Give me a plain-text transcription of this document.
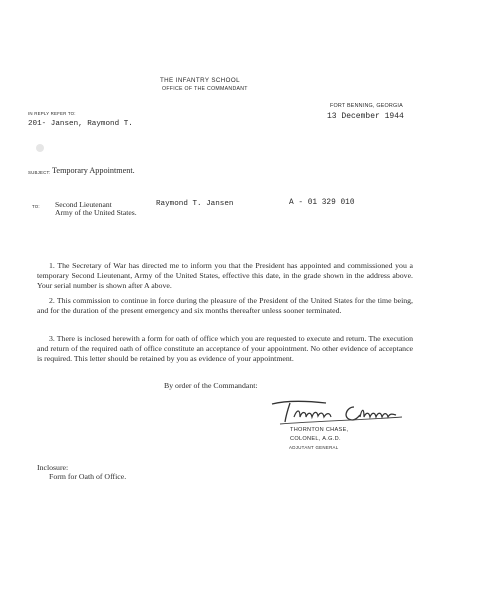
THE INFANTRY SCHOOL
OFFICE OF THE COMMANDANT
IN REPLY REFER TO:
201- Jansen, Raymond T.
FORT BENNING, GEORGIA
13 December 1944
SUBJECT: Temporary Appointment.
TO: Second Lieutenant	Raymond T. Jansen
Army of the United States.
A - 01 329 010
1. The Secretary of War has directed me to inform you that the President has appointed and commissioned you a temporary Second Lieutenant, Army of the United States, effective this date, in the grade shown in the address above. Your serial number is shown after A above.
2. This commission to continue in force during the pleasure of the President of the United States for the time being, and for the duration of the present emergency and six months thereafter unless sooner terminated.
3. There is inclosed herewith a form for oath of office which you are requested to execute and return. The execution and return of the required oath of office constitute an acceptance of your appointment. No other evidence of acceptance is required. This letter should be retained by you as evidence of your appointment.
By order of the Commandant:
THORNTON CHASE,
COLONEL, A.G.D.
ADJUTANT GENERAL
Inclosure:
Form for Oath of Office.
